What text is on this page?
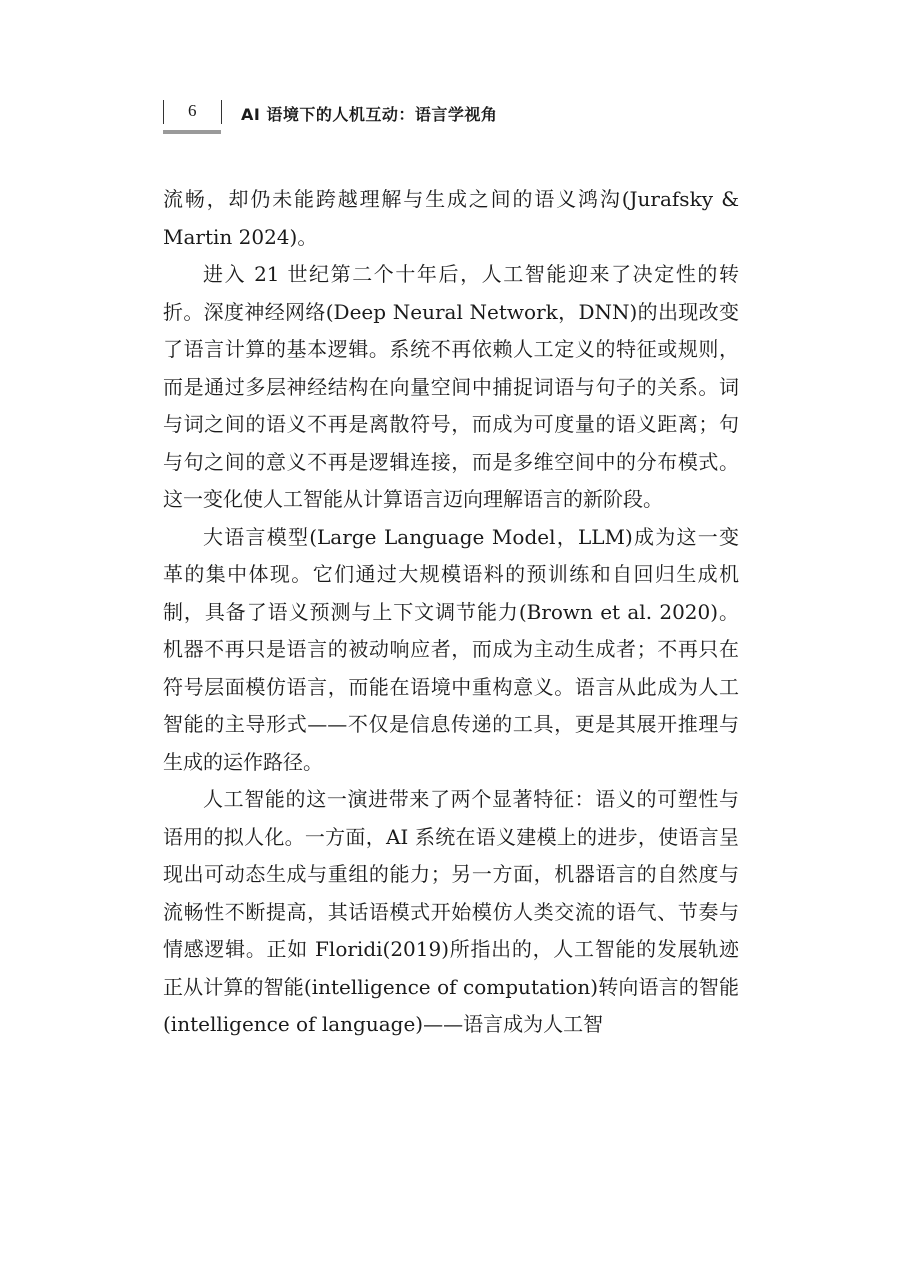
6	AI 语境下的人机互动：语言学视角

流畅，却仍未能跨越理解与生成之间的语义鸿沟(Jurafsky & Martin 2024)。

进入 21 世纪第二个十年后，人工智能迎来了决定性的转折。深度神经网络(Deep Neural Network，DNN)的出现改变了语言计算的基本逻辑。系统不再依赖人工定义的特征或规则，而是通过多层神经结构在向量空间中捕捉词语与句子的关系。词与词之间的语义不再是离散符号，而成为可度量的语义距离；句与句之间的意义不再是逻辑连接，而是多维空间中的分布模式。这一变化使人工智能从计算语言迈向理解语言的新阶段。

大语言模型(Large Language Model，LLM)成为这一变革的集中体现。它们通过大规模语料的预训练和自回归生成机制，具备了语义预测与上下文调节能力(Brown et al. 2020)。机器不再只是语言的被动响应者，而成为主动生成者；不再只在符号层面模仿语言，而能在语境中重构意义。语言从此成为人工智能的主导形式——不仅是信息传递的工具，更是其展开推理与生成的运作路径。

人工智能的这一演进带来了两个显著特征：语义的可塑性与语用的拟人化。一方面，AI 系统在语义建模上的进步，使语言呈现出可动态生成与重组的能力；另一方面，机器语言的自然度与流畅性不断提高，其话语模式开始模仿人类交流的语气、节奏与情感逻辑。正如 Floridi(2019)所指出的，人工智能的发展轨迹正从计算的智能(intelligence of computation)转向语言的智能(intelligence of language)——语言成为人工智
